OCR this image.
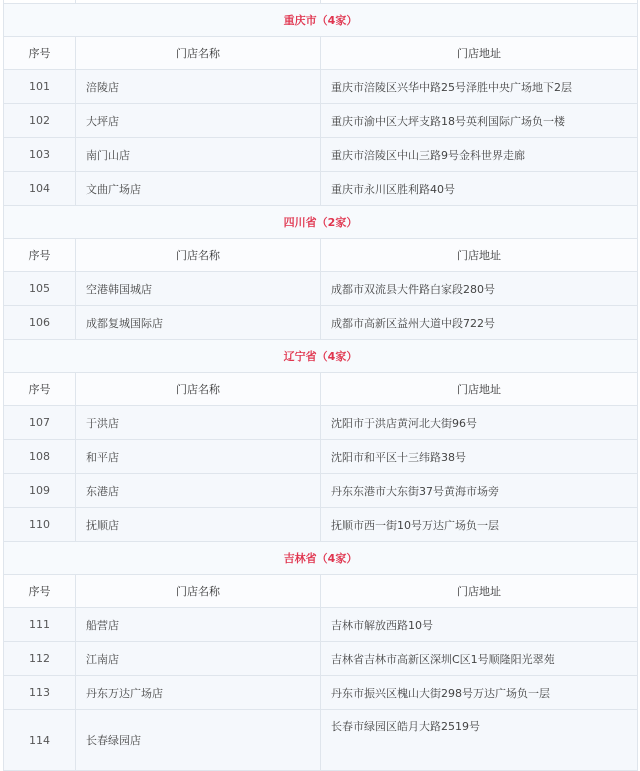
重庆市（4家）		
序号	门店名称	门店地址
101	涪陵店	重庆市涪陵区兴华中路25号泽胜中央广场地下2层
102	大坪店	重庆市渝中区大坪支路18号英利国际广场负一楼
103	南门山店	重庆市涪陵区中山三路9号金科世界走廊
104	文曲广场店	重庆市永川区胜利路40号
四川省（2家）		
序号	门店名称	门店地址
105	空港韩国城店	成都市双流县大件路白家段280号
106	成都复城国际店	成都市高新区益州大道中段722号
辽宁省（4家）		
序号	门店名称	门店地址
107	于洪店	沈阳市于洪店黄河北大街96号
108	和平店	沈阳市和平区十三纬路38号
109	东港店	丹东东港市大东街37号黄海市场旁
110	抚顺店	抚顺市西一街10号万达广场负一层
吉林省（4家）		
序号	门店名称	门店地址
111	船营店	吉林市解放西路10号
112	江南店	吉林省吉林市高新区深圳C区1号顺隆阳光翠苑
113	丹东万达广场店	丹东市振兴区槐山大街298号万达广场负一层
114	长春绿园店	长春市绿园区皓月大路2519号
